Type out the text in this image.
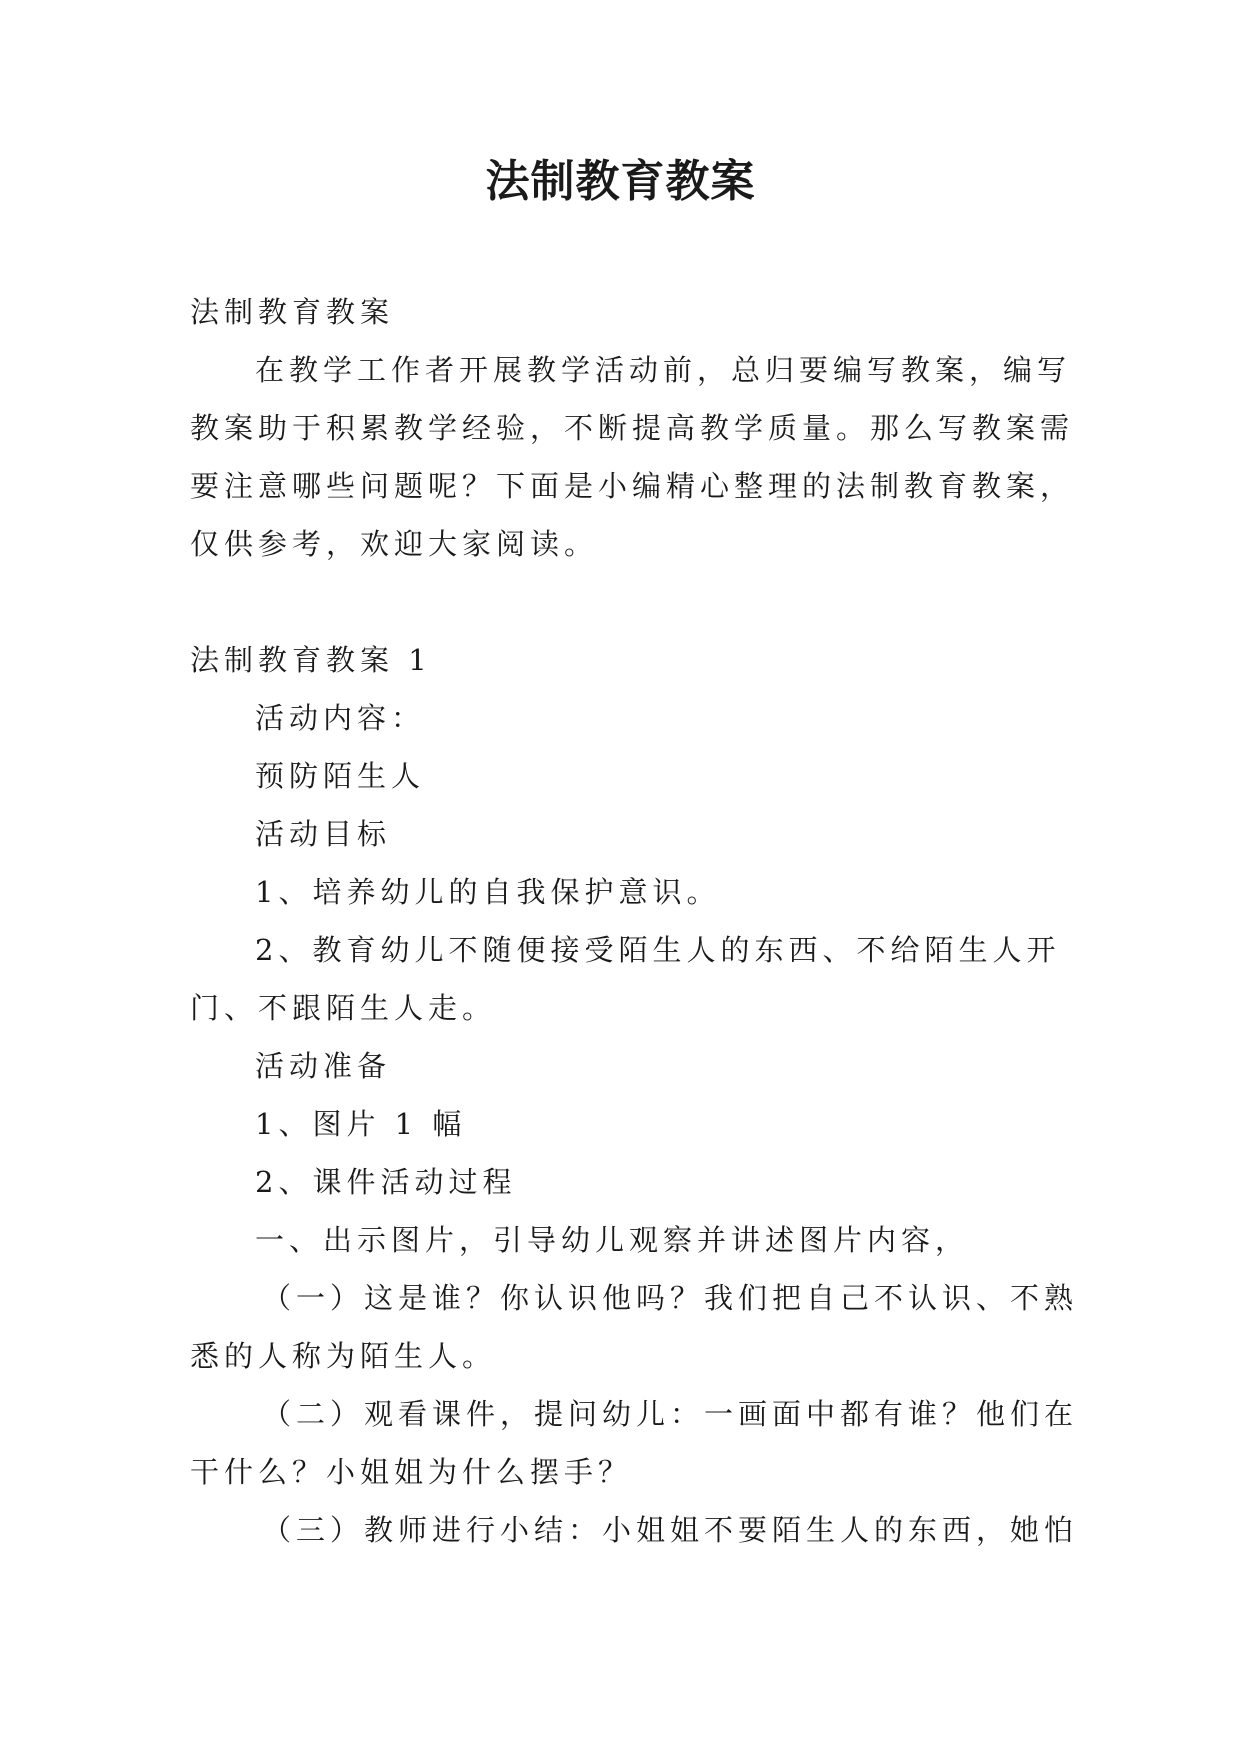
法制教育教案

法制教育教案

在教学工作者开展教学活动前，总归要编写教案，编写

教案助于积累教学经验，不断提高教学质量。那么写教案需

要注意哪些问题呢？下面是小编精心整理的法制教育教案，

仅供参考，欢迎大家阅读。

法制教育教案 1

活动内容：

预防陌生人

活动目标

1、培养幼儿的自我保护意识。

2、教育幼儿不随便接受陌生人的东西、不给陌生人开

门、不跟陌生人走。

活动准备

1、图片 1 幅

2、课件活动过程

一、出示图片，引导幼儿观察并讲述图片内容，

（一）这是谁？你认识他吗？我们把自己不认识、不熟

悉的人称为陌生人。

（二）观看课件，提问幼儿：一画面中都有谁？他们在

干什么？小姐姐为什么摆手？

（三）教师进行小结：小姐姐不要陌生人的东西，她怕
